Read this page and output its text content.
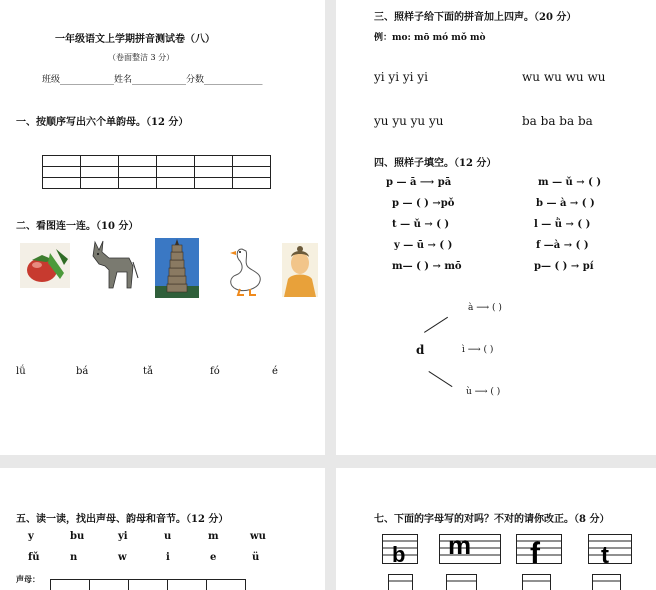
一年级语文上学期拼音测试卷（八）
（卷面整洁 3 分）
班级____________姓名____________分数_____________
一、按顺序写出六个单韵母。（12 分）

二、看图连一连。（10 分）
lǘ	bá	tǎ	fó	é
三、照样子给下面的拼音加上四声。（20 分）
例：mo: mō mó mǒ mò
yi yi yi yi	wu wu wu wu
yu yu yu yu	ba ba ba ba
四、照样子填空。（12 分）
p — ā ⟶ pā
p — ( ) →pǒ
t — ǔ → ( )
y — ū → ( )
m— ( ) → mō
m — ǔ → ( )
b — à → ( )
l — ǜ → ( )
f —à → ( )
p— ( ) → pí
d
à ⟶ ( )
ì ⟶ ( )
ù ⟶ ( )
五、读一读，找出声母、韵母和音节。（12 分）
y	bu	yi	u	m	wu
fǔ	n	w	i	e	ü
声母：

七、下面的字母写的对吗？不对的请你改正。（8 分）
b m f	t
